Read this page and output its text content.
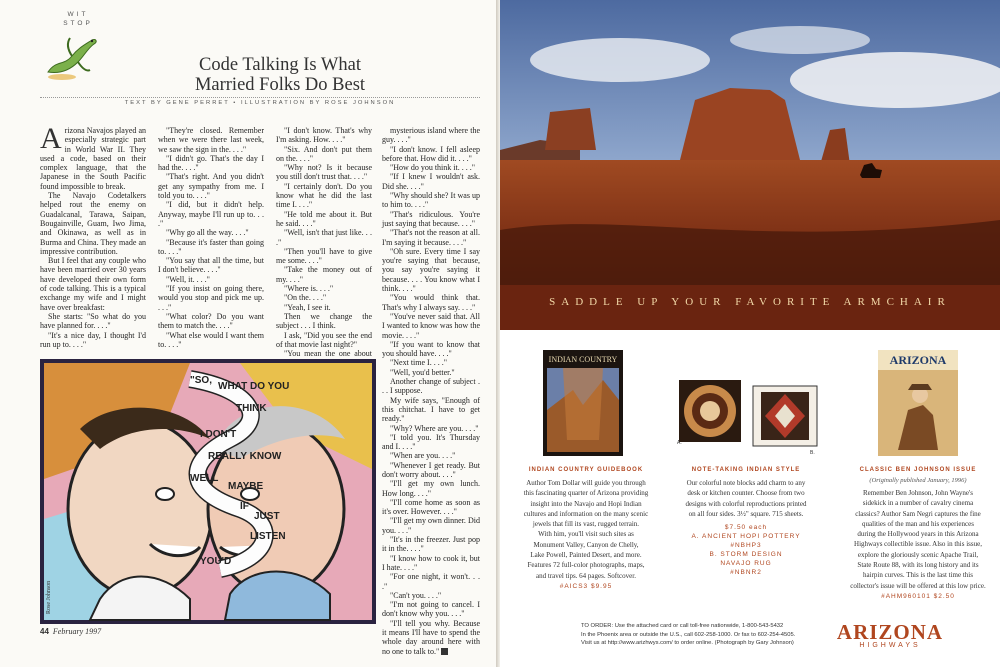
WIT
STOP
Code Talking Is What
Married Folks Do Best
TEXT BY GENE PERRET • ILLUSTRATION BY ROSE JOHNSON

Arizona Navajos played an especially strategic part in World War II. They used a code, based on their complex language, that the Japanese in the South Pacific found impossible to break.

The Navajo Codetalkers helped rout the enemy on Guadalcanal, Tarawa, Saipan, Bougainville, Guam, Iwo Jima, and Okinawa, as well as in Burma and China. They made an impressive contribution.

But I feel that any couple who have been married over 30 years have developed their own form of code talking. This is a typical exchange my wife and I might have over breakfast:

She starts: "So what do you have planned for. . . ."

"It's a nice day, I thought I'd run up to. . . ."

"They're closed. Remember when we were there last week, we saw the sign in the. . . ."

"I didn't go. That's the day I had the. . . ."

"That's right. And you didn't get any sympathy from me. I told you to. . . ."

"I did, but it didn't help. Anyway, maybe I'll run up to. . . ."

"Why go all the way. . . ."

"Because it's faster than going to. . . ."

"You say that all the time, but I don't believe. . . ."

"Well, it. . . ."

"If you insist on going there, would you stop and pick me up. . . ."

"What color? Do you want them to match the. . . ."

"What else would I want them to. . . ."

"I don't know. That's why I'm asking. How. . . ."

"Six. And don't put them on the. . . ."

"Why not? Is it because you still don't trust that. . . ."

"I certainly don't. Do you know what he did the last time I. . . ."

"He told me about it. But he said. . . ."

"Well, isn't that just like. . . ."

"Then you'll have to give me some. . . ."

"Take the money out of my. . . ."

"Where is. . . ."

"On the. . . ."

"Yeah, I see it.

Then we change the subject . . . I think.

I ask, "Did you see the end of that movie last night?"

"You mean the one about

mysterious island where the guy. . . ."

"I don't know. I fell asleep before that. How did it. . . ."

"How do you think it. . . ."

"If I knew I wouldn't ask. Did she. . . ."

"Why should she? It was up to him to. . . ."

"That's ridiculous. You're just saying that because. . . ."

"That's not the reason at all. I'm saying it because. . . ."

"Oh sure. Every time I say you're saying that because, you say you're saying it because. . . . You know what I think. . . ."

"You would think that. That's why I always say. . . ."

"You've never said that. All I wanted to know was how the movie. . . ."

"If you want to know that you should have. . . ."

"Next time I. . . ."

"Well, you'd better."

Another change of subject . . . I suppose.

My wife says, "Enough of this chitchat. I have to get ready."

"Why? Where are you. . . ."

"I told you. It's Thursday and I. . . ."

"When are you. . . ."

"Whenever I get ready. But don't worry about. . . ."

"I'll get my own lunch. How long. . . ."

"I'll come home as soon as it's over. However. . . ."

"I'll get my own dinner. Did you. . . ."

"It's in the freezer. Just pop it in the. . . ."

"I know how to cook it, but I hate. . . ."

"For one night, it won't. . . ."

"Can't you. . . ."

"I'm not going to cancel. I don't know why you. . . ."

"I'll tell you why. Because it means I'll have to spend the whole day around here with no one to talk to."

"SO,
WHAT DO YOU
THINK
I DON'T
REALLY KNOW
WELL
MAYBE
IF
JUST
LISTEN
YOU'D
Rose Johnson
44 February 1997
SADDLE UP YOUR FAVORITE ARMCHAIR
INDIAN COUNTRY
A.
B.
ARIZONA
INDIAN COUNTRY GUIDEBOOK	NOTE-TAKING INDIAN STYLE	CLASSIC BEN JOHNSON ISSUE
(Originally published January, 1996)
Author Tom Dollar will guide you through
this fascinating quarter of Arizona providing
insight into the Navajo and Hopi Indian
cultures and information on the many scenic
jewels that fill its vast, rugged terrain.
With him, you'll visit such sites as
Monument Valley, Canyon de Chelly,
Lake Powell, Painted Desert, and more.
Features 72 full-color photographs, maps,
and travel tips. 64 pages. Softcover.
#AICS3 $9.95
Our colorful note blocks add charm to any
desk or kitchen counter. Choose from two
designs with colorful reproductions printed
on all four sides. 3½" square. 715 sheets.
$7.50 each
A. ANCIENT HOPI POTTERY
#NBHP3
B. STORM DESIGN
NAVAJO RUG
#NBNR2
Remember Ben Johnson, John Wayne's
sidekick in a number of cavalry cinema
classics? Author Sam Negri captures the fine
qualities of the man and his experiences
during the Hollywood years in this Arizona
Highways collectible issue. Also in this issue,
explore the gloriously scenic Apache Trail,
State Route 88, with its long history and its
hairpin curves. This is the last time this
collector's issue will be offered at this low price.
#AHM960101 $2.50
TO ORDER: Use the attached card or call toll-free nationwide, 1-800-543-5432
In the Phoenix area or outside the U.S., call 602-258-1000. Or fax to 602-254-4505.
Visit us at http://www.arizhwys.com/ to order online. (Photograph by Gary Johnson)	ARIZONA
HIGHWAYS
